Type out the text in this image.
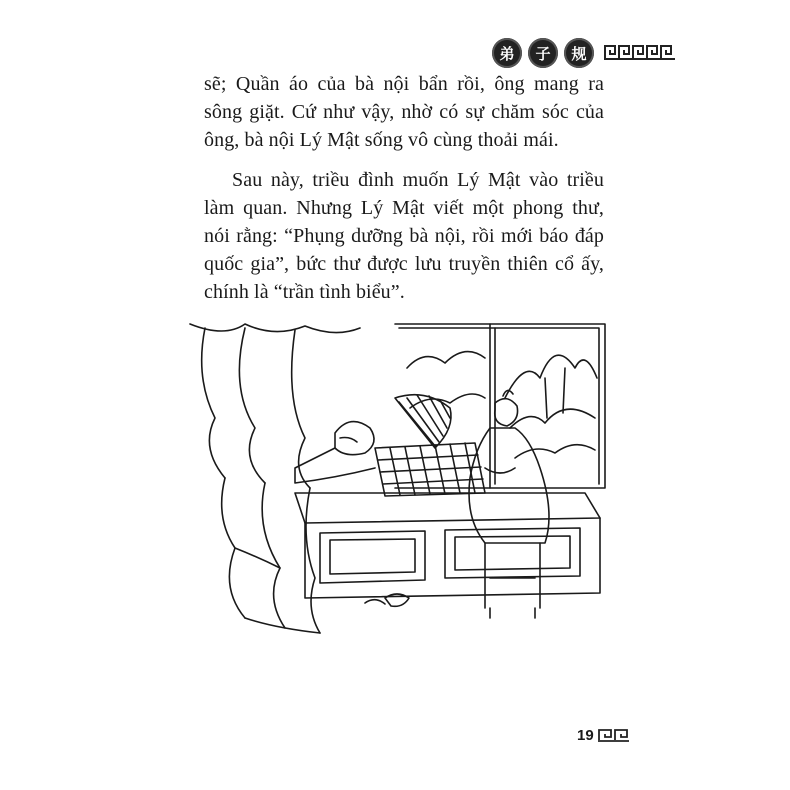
弟	子	规

sẽ; Quần áo của bà nội bẩn rồi, ông mang ra sông giặt. Cứ như vậy, nhờ có sự chăm sóc của ông, bà nội Lý Mật sống vô cùng thoải mái.

Sau này, triều đình muốn Lý Mật vào triều làm quan. Nhưng Lý Mật viết một phong thư, nói rằng: “Phụng dưỡng bà nội, rồi mới báo đáp quốc gia”, bức thư được lưu truyền thiên cổ ấy, chính là “trần tình biểu”.

19
